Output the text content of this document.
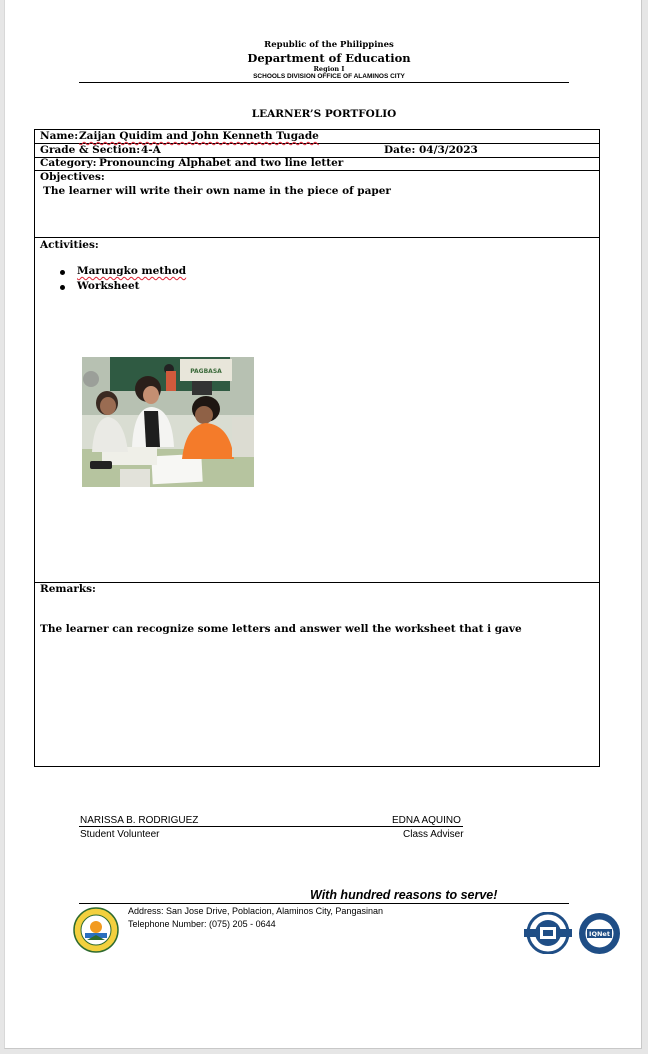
Republic of the Philippines
Department of Education
Region I
SCHOOLS DIVISION OFFICE OF ALAMINOS CITY
LEARNER’S PORTFOLIO
Name: Zaijan Quidim and John Kenneth Tugade
Grade & Section: 4-A	Date: 04/3/2023
Category: Pronouncing Alphabet and two line letter
Objectives:
The learner will write their own name in the piece of paper
Activities:
Marungko method
Worksheet
PAGBASA
Remarks:
The learner can recognize some letters and answer well the worksheet that i gave
NARISSA B. RODRIGUEZ
Student Volunteer
EDNA AQUINO
Class Adviser
With hundred reasons to serve!
Address: San Jose Drive, Poblacion, Alaminos City, Pangasinan
Telephone Number: (075) 205 - 0644
IQNet
